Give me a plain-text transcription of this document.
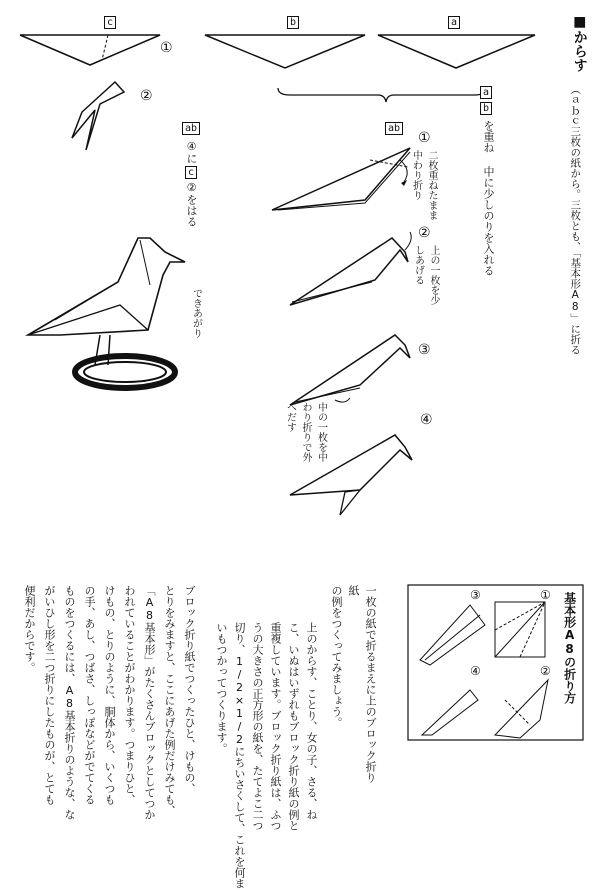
c	b	a
①
②
ab
④にc②をはる
a
b
を重ね 中に少しのりを入れる
ab
①
二枚重ねたまま中わり折り
②
上の一枚を少しあげる
③
中の一枚を中わり折りで外へだす	④
できあがり
■からす
（ａｂｃ三枚の紙から。三枚とも、「基本形A8」に折る
一枚の紙で折るまえに上のブロック折り紙
の例をつくってみましょう。
上のからす、ことり、女の子、さる、ね
こ、いぬはいずれもブロック折り紙の例と
重複しています。ブロック折り紙は、ふつ
うの大きさの正方形の紙を、たてよこ二つ
切り、1/2×1/2にちいさくして、これを何ま
いもつかってつくります。
ブロック折り紙でつくったひと、けもの、
とりをみますと、ここにあげた例だけみても、
「A8基本形」がたくさんブロックとしてつか
われていることがわかります。つまりひと、
けもの、とりのように、胴体から、いくつも
の手、あし、つばさ、しっぽなどがでてくる
ものをつくるには、A8基本折りのような、な
がいひし形を二つ折りにしたものが、とても
便利だからです。	基本形A8の折り方
①
②
③
④
